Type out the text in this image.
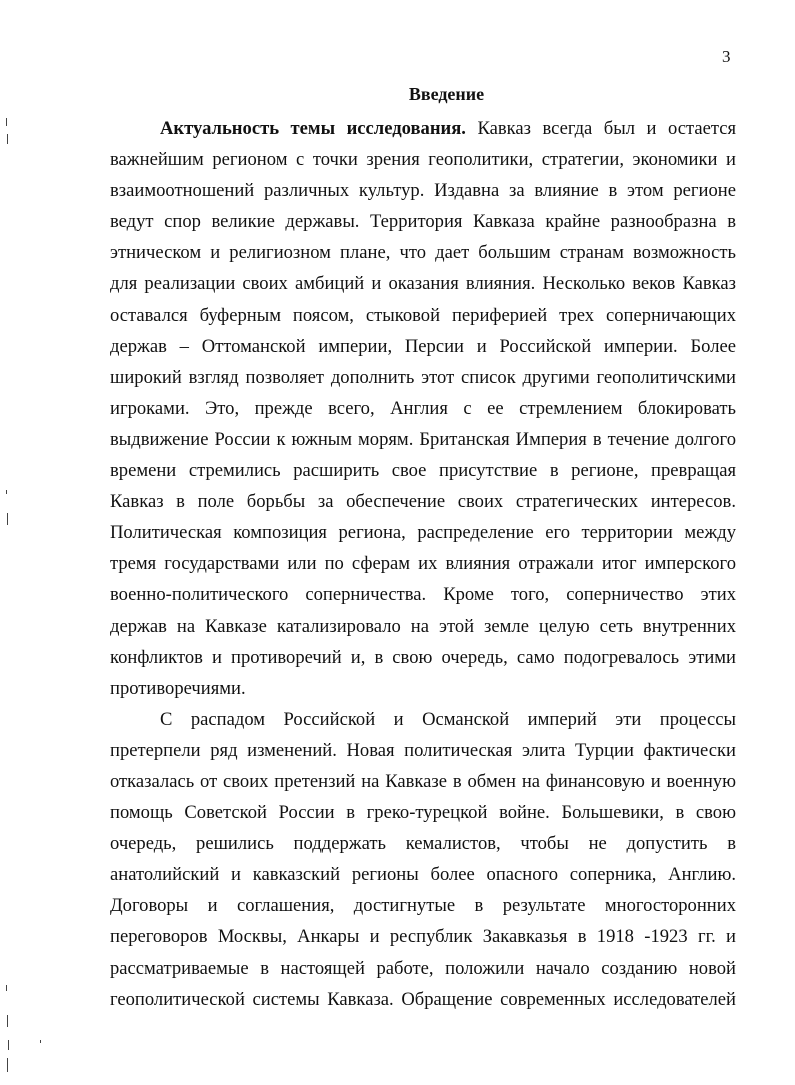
3
Введение
Актуальность темы исследования. Кавказ всегда был и остается
важнейшим регионом с точки зрения геополитики, стратегии, экономики и
взаимоотношений различных культур. Издавна за влияние в этом регионе
ведут спор великие державы. Территория Кавказа крайне разнообразна в
этническом и религиозном плане, что дает большим странам возможность
для реализации своих амбиций и оказания влияния. Несколько веков Кавказ
оставался буферным поясом, стыковой периферией трех соперничающих
держав – Оттоманской империи, Персии и Российской империи. Более
широкий взгляд позволяет дополнить этот список другими геополитичскими
игроками. Это, прежде всего, Англия с ее стремлением блокировать
выдвижение России к южным морям. Британская Империя в течение долгого
времени стремились расширить свое присутствие в регионе, превращая
Кавказ в поле борьбы за обеспечение своих стратегических интересов.
Политическая композиция региона, распределение его территории между
тремя государствами или по сферам их влияния отражали итог имперского
военно-политического соперничества. Кроме того, соперничество этих
держав на Кавказе катализировало на этой земле целую сеть внутренних
конфликтов и противоречий и, в свою очередь, само подогревалось этими
противоречиями.
С распадом Российской и Османской империй эти процессы
претерпели ряд изменений. Новая политическая элита Турции фактически
отказалась от своих претензий на Кавказе в обмен на финансовую и военную
помощь Советской России в греко-турецкой войне. Большевики, в свою
очередь, решились поддержать кемалистов, чтобы не допустить в
анатолийский и кавказский регионы более опасного соперника, Англию.
Договоры и соглашения, достигнутые в результате многосторонних
переговоров Москвы, Анкары и республик Закавказья в 1918 -1923 гг. и
рассматриваемые в настоящей работе, положили начало созданию новой
геополитической системы Кавказа. Обращение современных исследователей
